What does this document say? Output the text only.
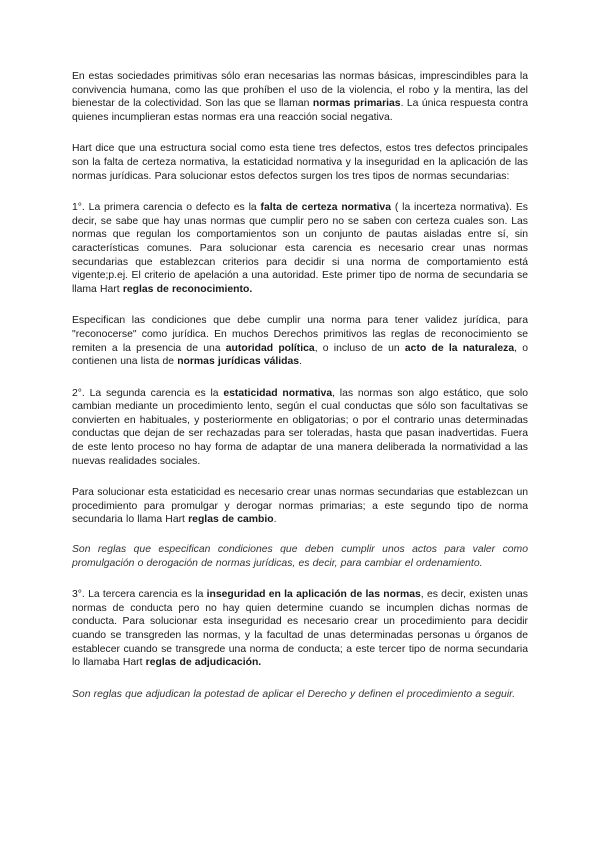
En estas sociedades primitivas sólo eran necesarias las normas básicas, imprescindibles para la convivencia humana, como las que prohíben el uso de la violencia, el robo y la mentira, las del bienestar de la colectividad. Son las que se llaman normas primarias. La única respuesta contra quienes incumplieran estas normas era una reacción social negativa.

Hart dice que una estructura social como esta tiene tres defectos, estos tres defectos principales son la falta de certeza normativa, la estaticidad normativa y la inseguridad en la aplicación de las normas jurídicas. Para solucionar estos defectos surgen los tres tipos de normas secundarias:

1°. La primera carencia o defecto es la falta de certeza normativa ( la incerteza normativa). Es decir, se sabe que hay unas normas que cumplir pero no se saben con certeza cuales son. Las normas que regulan los comportamientos son un conjunto de pautas aisladas entre sí, sin características comunes. Para solucionar esta carencia es necesario crear unas normas secundarias que establezcan criterios para decidir si una norma de comportamiento está vigente;p.ej. El criterio de apelación a una autoridad. Este primer tipo de norma de secundaria se llama Hart reglas de reconocimiento.

Especifican las condiciones que debe cumplir una norma para tener validez jurídica, para "reconocerse" como jurídica. En muchos Derechos primitivos las reglas de reconocimiento se remiten a la presencia de una autoridad política, o incluso de un acto de la naturaleza, o contienen una lista de normas jurídicas válidas.

2°. La segunda carencia es la estaticidad normativa, las normas son algo estático, que solo cambian mediante un procedimiento lento, según el cual conductas que sólo son facultativas se convierten en habituales, y posteriormente en obligatorias; o por el contrario unas determinadas conductas que dejan de ser rechazadas para ser toleradas, hasta que pasan inadvertidas. Fuera de este lento proceso no hay forma de adaptar de una manera deliberada la normatividad a las nuevas realidades sociales.

Para solucionar esta estaticidad es necesario crear unas normas secundarias que establezcan un procedimiento para promulgar y derogar normas primarias; a este segundo tipo de norma secundaria lo llama Hart reglas de cambio.

Son reglas que especifican condiciones que deben cumplir unos actos para valer como promulgación o derogación de normas jurídicas, es decir, para cambiar el ordenamiento.

3°. La tercera carencia es la inseguridad en la aplicación de las normas, es decir, existen unas normas de conducta pero no hay quien determine cuando se incumplen dichas normas de conducta. Para solucionar esta inseguridad es necesario crear un procedimiento para decidir cuando se transgreden las normas, y la facultad de unas determinadas personas u órganos de establecer cuando se transgrede una norma de conducta; a este tercer tipo de norma secundaria lo llamaba Hart reglas de adjudicación.

Son reglas que adjudican la potestad de aplicar el Derecho y definen el procedimiento a seguir.
